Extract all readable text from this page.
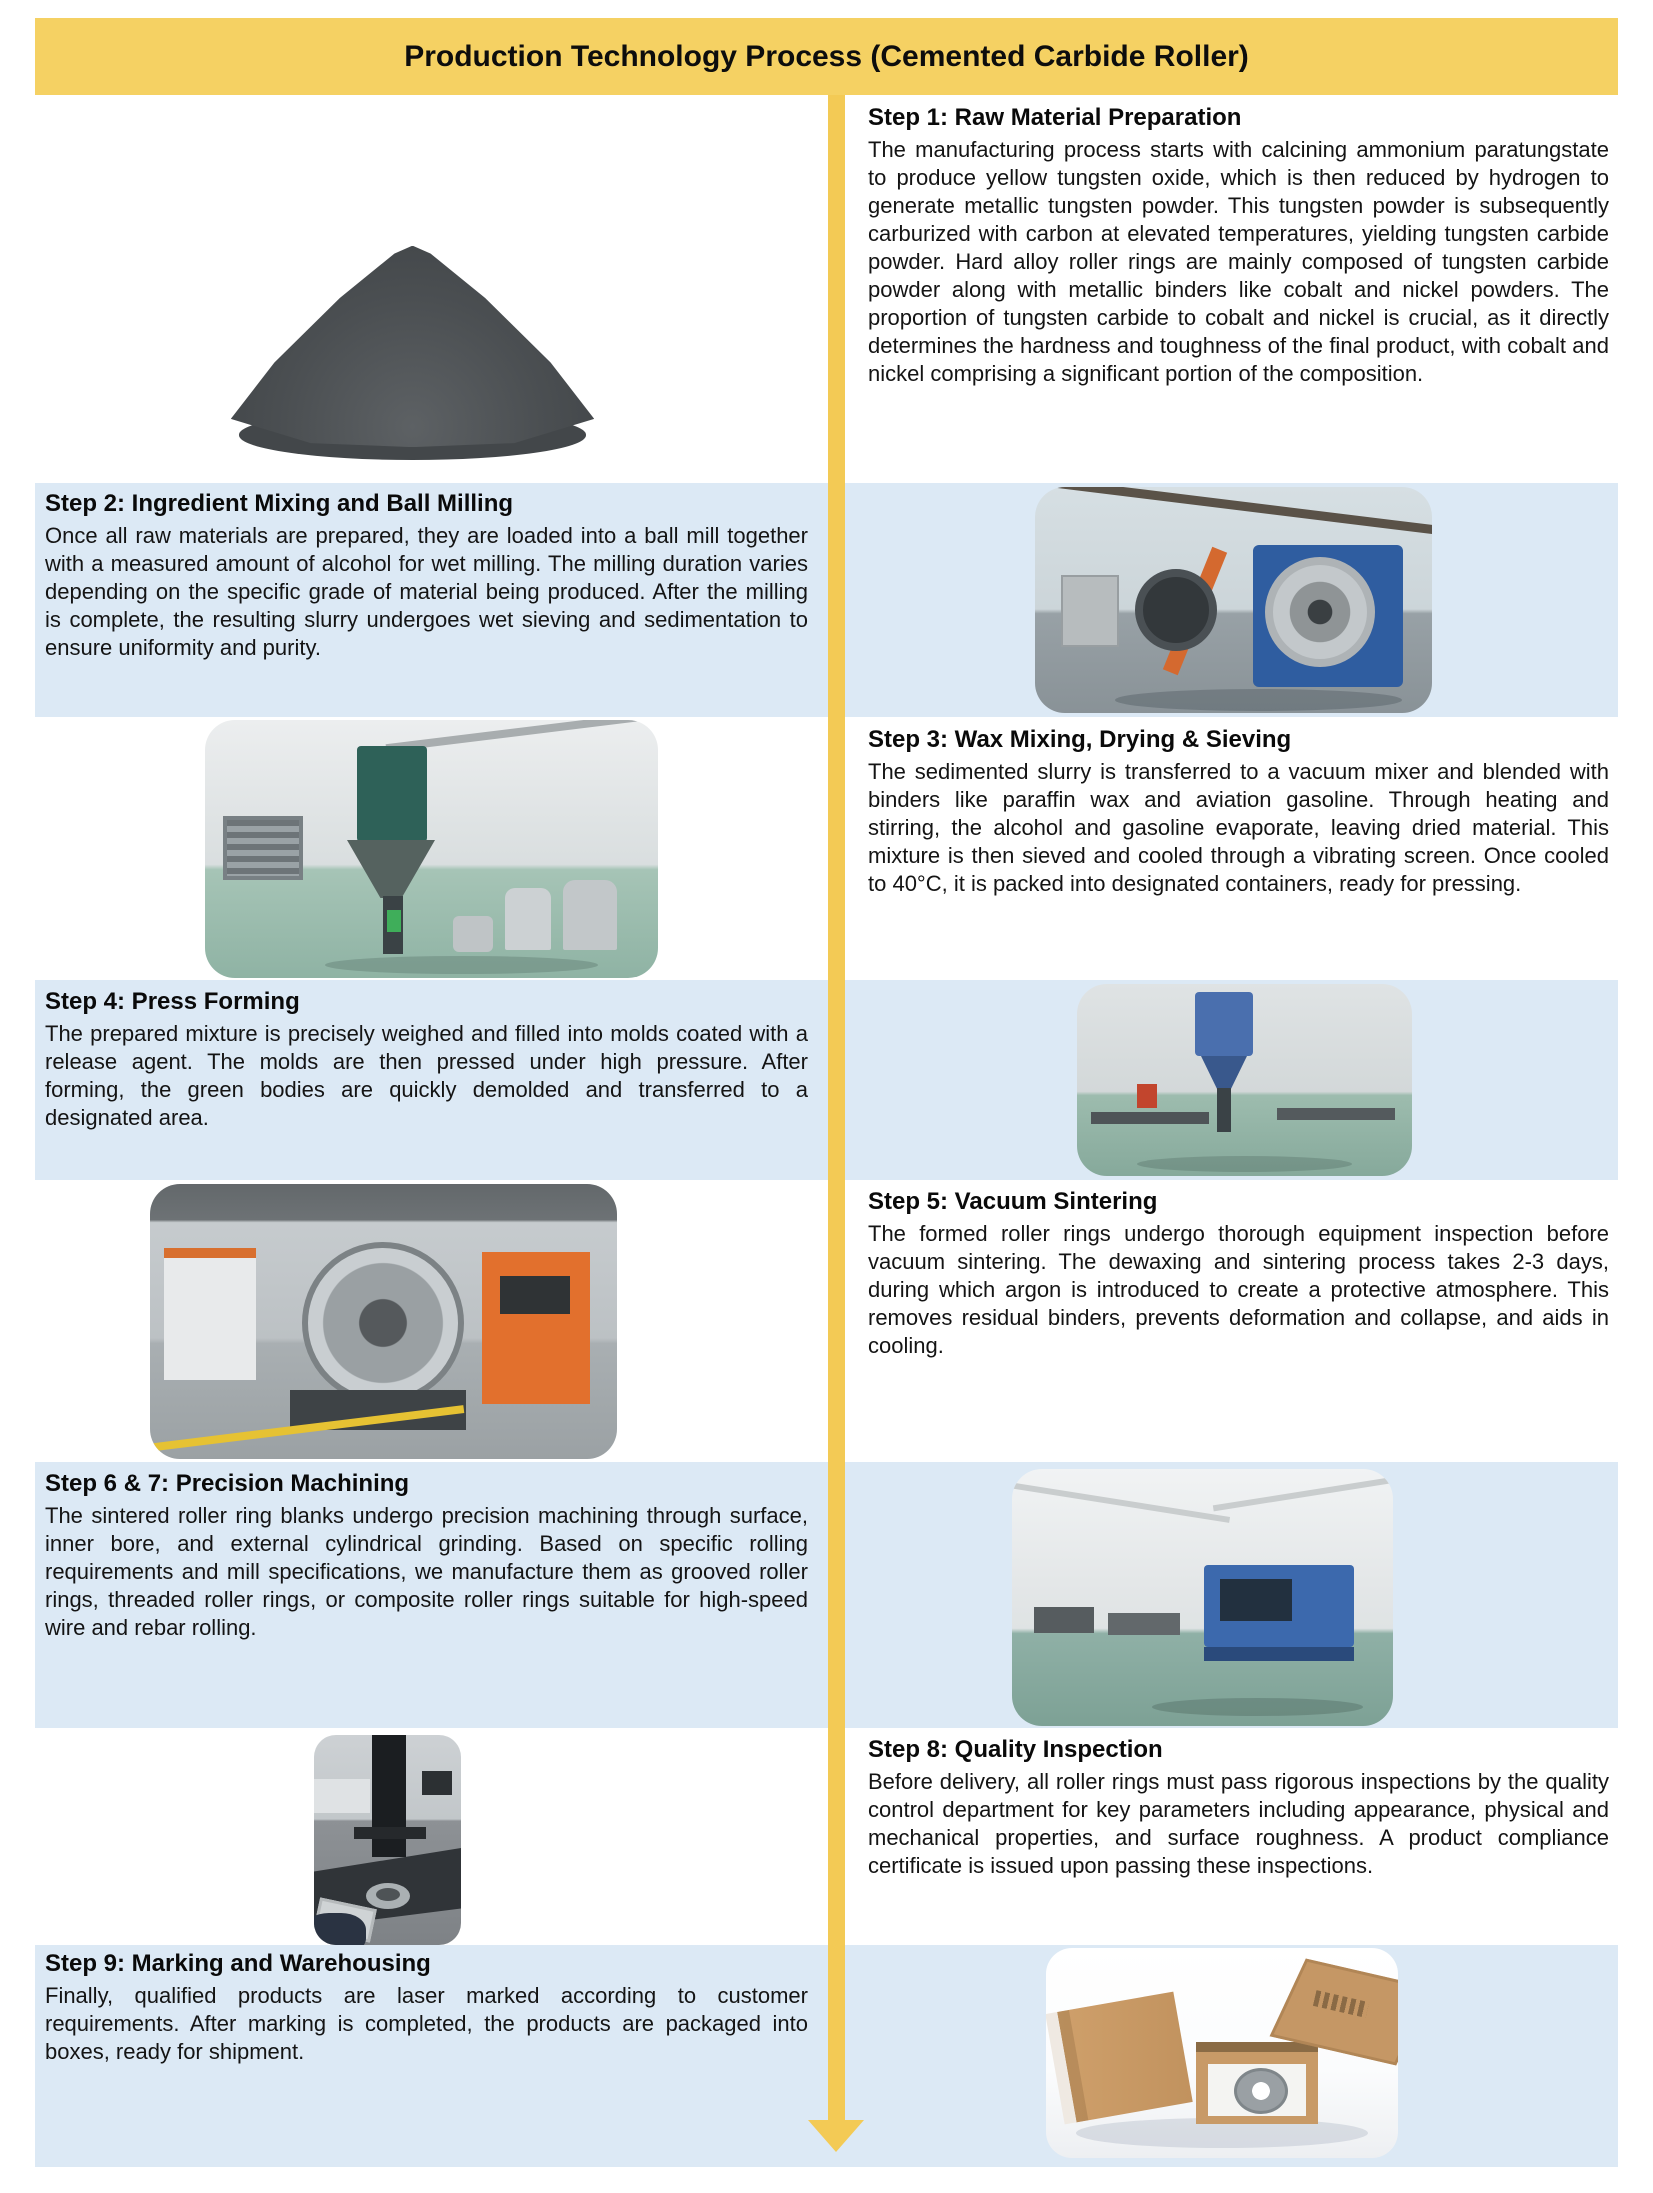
Production Technology Process (Cemented Carbide Roller)
Step 1: Raw Material Preparation

The manufacturing process starts with calcining ammonium paratungstate to produce yellow tungsten oxide, which is then reduced by hydrogen to generate metallic tungsten powder. This tungsten powder is subsequently carburized with carbon at elevated temperatures, yielding tungsten carbide powder. Hard alloy roller rings are mainly composed of tungsten carbide powder along with metallic binders like cobalt and nickel powders. The proportion of tungsten carbide to cobalt and nickel is crucial, as it directly determines the hardness and toughness of the final product, with cobalt and nickel comprising a significant portion of the composition.

Step 2: Ingredient Mixing and Ball Milling

Once all raw materials are prepared, they are loaded into a ball mill together with a measured amount of alcohol for wet milling. The milling duration varies depending on the specific grade of material being produced. After the milling is complete, the resulting slurry undergoes wet sieving and sedimentation to ensure uniformity and purity.

Step 3: Wax Mixing, Drying & Sieving

The sedimented slurry is transferred to a vacuum mixer and blended with binders like paraffin wax and aviation gasoline. Through heating and stirring, the alcohol and gasoline evaporate, leaving dried material. This mixture is then sieved and cooled through a vibrating screen. Once cooled to 40°C, it is packed into designated containers, ready for pressing.

Step 4: Press Forming

The prepared mixture is precisely weighed and filled into molds coated with a release agent. The molds are then pressed under high pressure. After forming, the green bodies are quickly demolded and transferred to a designated area.

Step 5: Vacuum Sintering

The formed roller rings undergo thorough equipment inspection before vacuum sintering. The dewaxing and sintering process takes 2-3 days, during which argon is introduced to create a protective atmosphere. This removes residual binders, prevents deformation and collapse, and aids in cooling.

Step 6 & 7: Precision Machining

The sintered roller ring blanks undergo precision machining through surface, inner bore, and external cylindrical grinding. Based on specific rolling requirements and mill specifications, we manufacture them as grooved roller rings, threaded roller rings, or composite roller rings suitable for high-speed wire and rebar rolling.

Step 8: Quality Inspection

Before delivery, all roller rings must pass rigorous inspections by the quality control department for key parameters including appearance, physical and mechanical properties, and surface roughness. A product compliance certificate is issued upon passing these inspections.

Step 9: Marking and Warehousing

Finally, qualified products are laser marked according to customer requirements. After marking is completed, the products are packaged into boxes, ready for shipment.
